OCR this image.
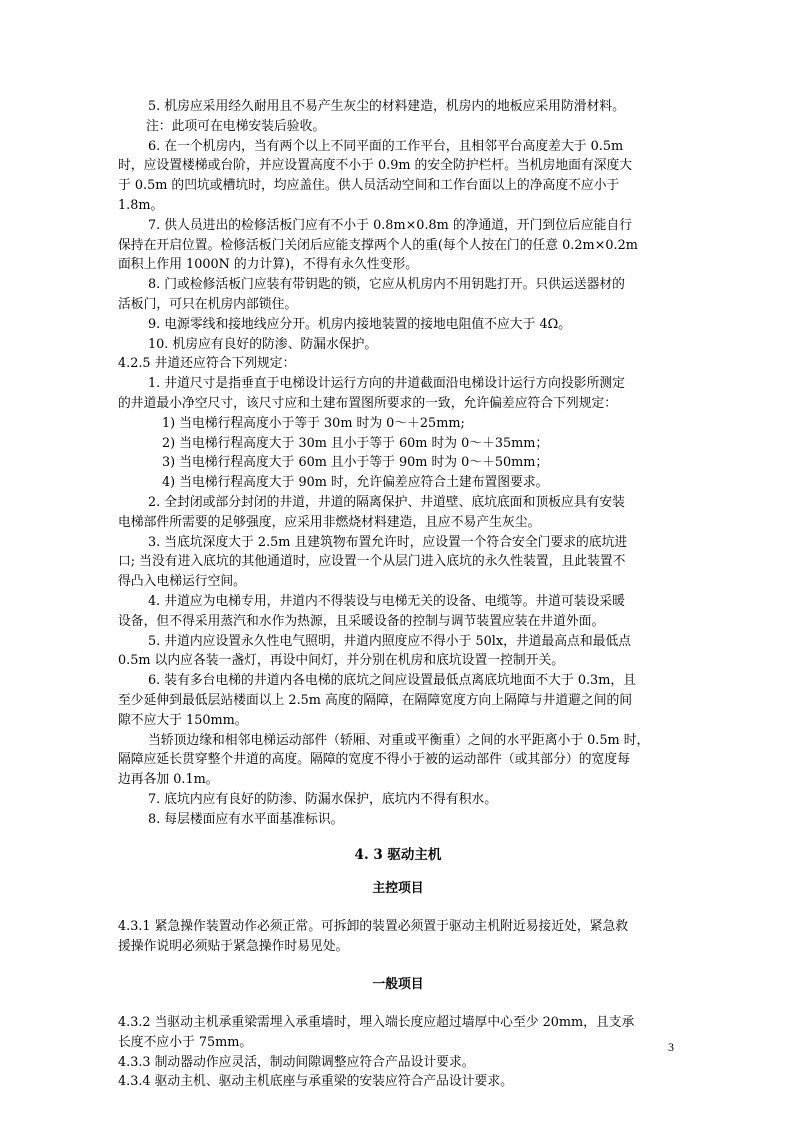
5. 机房应采用经久耐用且不易产生灰尘的材料建造，机房内的地板应采用防滑材料。
注：此项可在电梯安装后验收。
6. 在一个机房内，当有两个以上不同平面的工作平台，且相邻平台高度差大于 0.5m
时，应设置楼梯或台阶，并应设置高度不小于 0.9m 的安全防护栏杆。当机房地面有深度大
于 0.5m 的凹坑或槽坑时，均应盖住。供人员活动空间和工作台面以上的净高度不应小于
1.8m。
7. 供人员进出的检修活板门应有不小于 0.8m×0.8m 的净通道，开门到位后应能自行
保持在开启位置。检修活板门关闭后应能支撑两个人的重(每个人按在门的任意 0.2m×0.2m
面积上作用 1000N 的力计算)，不得有永久性变形。
8. 门或检修活板门应装有带钥匙的锁，它应从机房内不用钥匙打开。只供运送器材的
活板门，可只在机房内部锁住。
9. 电源零线和接地线应分开。机房内接地装置的接地电阻值不应大于 4Ω。
10. 机房应有良好的防渗、防漏水保护。
4.2.5 井道还应符合下列规定：
1. 井道尺寸是指垂直于电梯设计运行方向的井道截面沿电梯设计运行方向投影所测定
的井道最小净空尺寸，该尺寸应和土建布置图所要求的一致，允许偏差应符合下列规定：
1) 当电梯行程高度小于等于 30m 时为 0～＋25mm;
2) 当电梯行程高度大于 30m 且小于等于 60m 时为 0～＋35mm；
3) 当电梯行程高度大于 60m 且小于等于 90m 时为 0～＋50mm；
4) 当电梯行程高度大于 90m 时，允许偏差应符合土建布置图要求。
2. 全封闭或部分封闭的井道，井道的隔离保护、井道壁、底坑底面和顶板应具有安装
电梯部件所需要的足够强度，应采用非燃烧材料建造，且应不易产生灰尘。
3. 当底坑深度大于 2.5m 且建筑物布置允许时，应设置一个符合安全门要求的底坑进
口; 当没有进入底坑的其他通道时，应设置一个从层门进入底坑的永久性装置，且此装置不
得凸入电梯运行空间。
4. 井道应为电梯专用，井道内不得装设与电梯无关的设备、电缆等。井道可装设采暖
设备，但不得采用蒸汽和水作为热源，且采暖设备的控制与调节装置应装在井道外面。
5. 井道内应设置永久性电气照明，井道内照度应不得小于 50lx，井道最高点和最低点
0.5m 以内应各装一盏灯，再设中间灯，并分别在机房和底坑设置一控制开关。
6. 装有多台电梯的井道内各电梯的底坑之间应设置最低点离底坑地面不大于 0.3m，且
至少延伸到最低层站楼面以上 2.5m 高度的隔障，在隔障宽度方向上隔障与井道避之间的间
隙不应大于 150mm。
当轿顶边缘和相邻电梯运动部件（轿厢、对重或平衡重）之间的水平距离小于 0.5m 时，
隔障应延长贯穿整个井道的高度。隔障的宽度不得小于被的运动部件（或其部分）的宽度每
边再各加 0.1m。
7. 底坑内应有良好的防渗、防漏水保护，底坑内不得有积水。
8. 每层楼面应有水平面基准标识。
4. 3 驱动主机
主控项目
4.3.1 紧急操作装置动作必须正常。可拆卸的装置必须置于驱动主机附近易接近处，紧急救
援操作说明必须贴于紧急操作时易见处。
一般项目
4.3.2 当驱动主机承重梁需埋入承重墙时，埋入端长度应超过墙厚中心至少 20mm，且支承
长度不应小于 75mm。
4.3.3 制动器动作应灵活，制动间隙调整应符合产品设计要求。
4.3.4 驱动主机、驱动主机底座与承重梁的安装应符合产品设计要求。
3
